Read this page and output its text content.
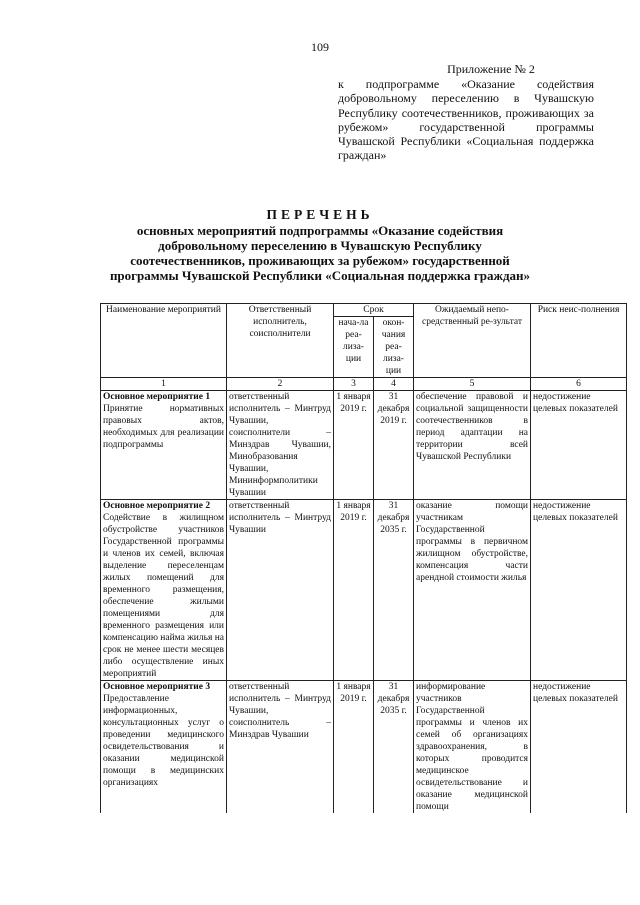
109
Приложение № 2
к подпрограмме «Оказание содействия добровольному переселению в Чувашскую Республику соотечественников, проживающих за рубежом» государственной программы Чувашской Республики «Социальная поддержка граждан»
ПЕРЕЧЕНЬ
основных мероприятий подпрограммы «Оказание содействия добровольному переселению в Чувашскую Республику соотечественников, проживающих за рубежом» государственной программы Чувашской Республики «Социальная поддержка граждан»
Наименование мероприятий	Ответственный исполнитель, соисполнители	Срок		Ожидаемый непо-средственный ре-зультат	Риск неис-полнения
		нача-ла реа-лиза-ции	окон-чания реа-лиза-ции		
1	2	3	4	5	6

Основное мероприятие 1
Принятие нормативных правовых актов, необходимых для реализации подпрограммы	ответственный исполнитель – Минтруд Чувашии, соисполнители – Минздрав Чувашии, Минобразования Чувашии, Мининформполитики Чувашии	1 января 2019 г.	31 декабря 2019 г.	обеспечение правовой и социальной защищенности соотечественников в период адаптации на территории всей Чувашской Республики	недостижение целевых показателей

Основное мероприятие 2
Содействие в жилищном обустройстве участников Государственной программы и членов их семей, включая выделение переселенцам жилых помещений для временного размещения, обеспечение жилыми помещениями для временного размещения или компенсацию найма жилья на срок не менее шести месяцев либо осуществление иных мероприятий	ответственный исполнитель – Минтруд Чувашии	1 января 2019 г.	31 декабря 2035 г.	оказание помощи участникам Государственной программы в первичном жилищном обустройстве, компенсация части арендной стоимости жилья	недостижение целевых показателей

Основное мероприятие 3
Предоставление информационных, консультационных услуг о проведении медицинского освидетельствования и оказании медицинской помощи в медицинских организациях	ответственный исполнитель – Минтруд Чувашии, соисполнитель – Минздрав Чувашии	1 января 2019 г.	31 декабря 2035 г.	информирование участников Государственной программы и членов их семей об организациях здравоохранения, в которых проводится медицинское освидетельствование и оказание медицинской помощи	недостижение целевых показателей
